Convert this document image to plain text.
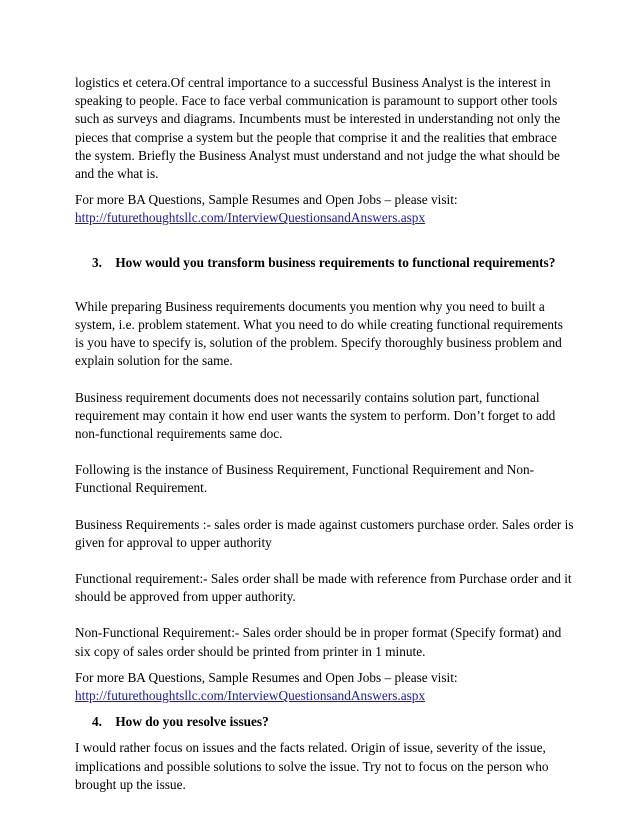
logistics et cetera.Of central importance to a successful Business Analyst is the interest in speaking to people. Face to face verbal communication is paramount to support other tools such as surveys and diagrams. Incumbents must be interested in understanding not only the pieces that comprise a system but the people that comprise it and the realities that embrace the system. Briefly the Business Analyst must understand and not judge the what should be and the what is.

For more BA Questions, Sample Resumes and Open Jobs – please visit:
http://futurethoughtsllc.com/InterviewQuestionsandAnswers.aspx

3. How would you transform business requirements to functional requirements?

While preparing Business requirements documents you mention why you need to built a system, i.e. problem statement. What you need to do while creating functional requirements is you have to specify is, solution of the problem. Specify thoroughly business problem and explain solution for the same.

Business requirement documents does not necessarily contains solution part, functional requirement may contain it how end user wants the system to perform. Don’t forget to add non-functional requirements same doc.

Following is the instance of Business Requirement, Functional Requirement and Non-Functional Requirement.

Business Requirements :- sales order is made against customers purchase order. Sales order is given for approval to upper authority

Functional requirement:- Sales order shall be made with reference from Purchase order and it should be approved from upper authority.

Non-Functional Requirement:- Sales order should be in proper format (Specify format) and six copy of sales order should be printed from printer in 1 minute.

For more BA Questions, Sample Resumes and Open Jobs – please visit:
http://futurethoughtsllc.com/InterviewQuestionsandAnswers.aspx

4. How do you resolve issues?

I would rather focus on issues and the facts related. Origin of issue, severity of the issue, implications and possible solutions to solve the issue. Try not to focus on the person who brought up the issue.
